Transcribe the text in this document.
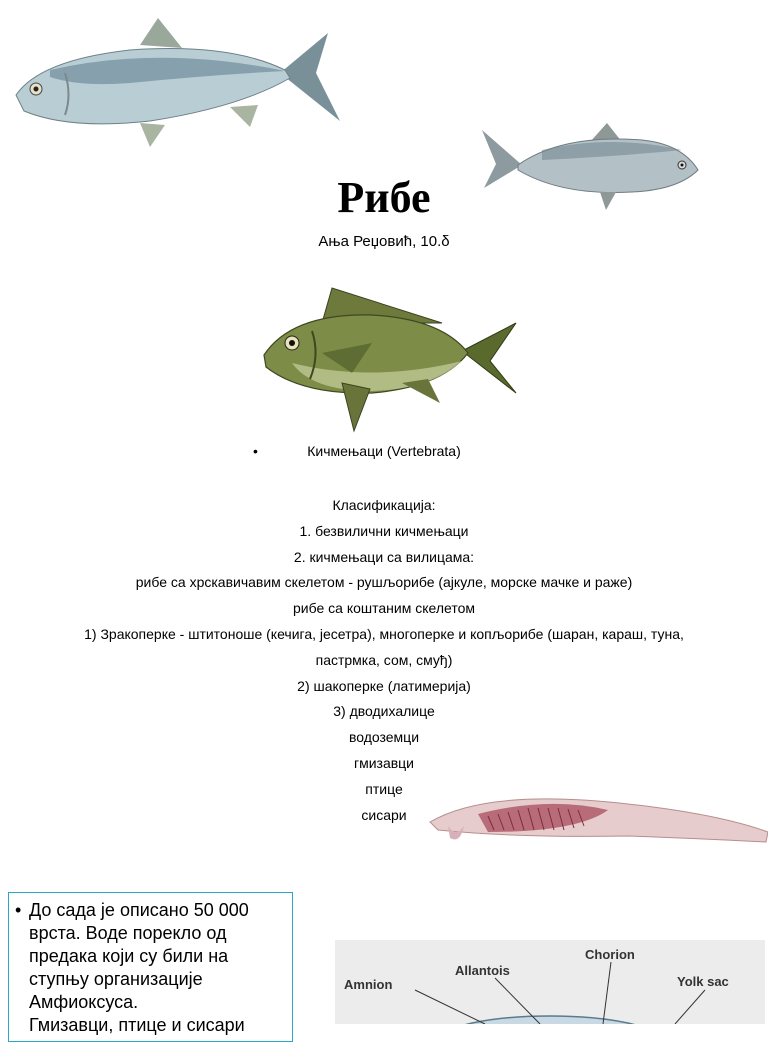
Рибе
Ања Реџовић, 10.δ
•	Кичмењаци (Vertebrata)
Класификација:
1. безвилични кичмењаци
2. кичмењаци са вилицама:
рибе са хрскавичавим скелетом - рушљорибе (ајкуле, морске мачке и раже)
рибе са коштаним скелетом
1) Зракоперке - штитоноше (кечига, јесетра), многоперке и копљорибе (шаран, караш, туна,
пастрмка, сом, смуђ)
2) шакоперке (латимерија)
3) дводихалице
водоземци
гмизавци
птице
сисари
• До сада је описано 50 000
врста. Воде порекло од
предака који су били на
ступњу организације
Амфиоксуса.
Гмизавци, птице и сисари
Chorion
Allantois
Amnion	Yolk sac
